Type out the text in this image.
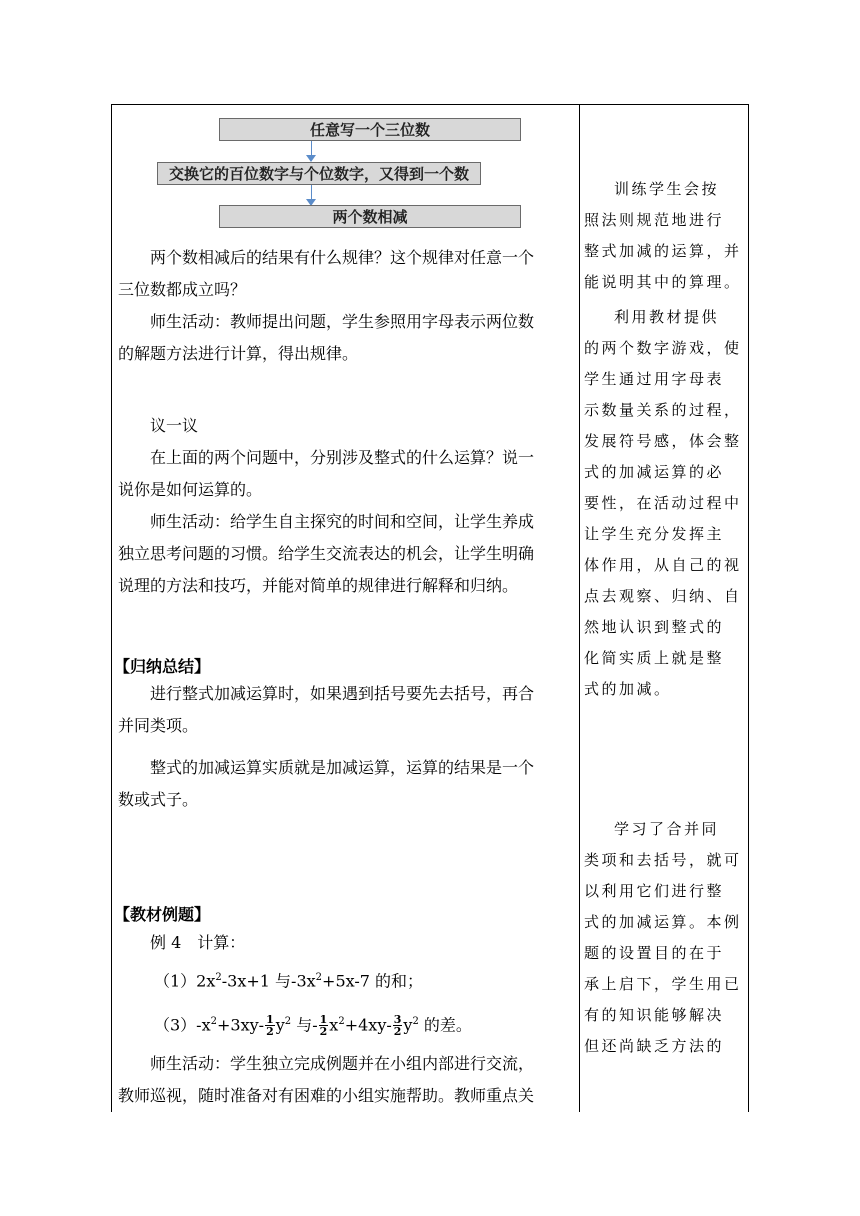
任意写一个三位数
交换它的百位数字与个位数字，又得到一个数
两个数相减
两个数相减后的结果有什么规律？这个规律对任意一个
三位数都成立吗？
师生活动：教师提出问题，学生参照用字母表示两位数
的解题方法进行计算，得出规律。
议一议
在上面的两个问题中，分别涉及整式的什么运算？说一
说你是如何运算的。
师生活动：给学生自主探究的时间和空间，让学生养成
独立思考问题的习惯。给学生交流表达的机会，让学生明确
说理的方法和技巧，并能对简单的规律进行解释和归纳。
【归纳总结】
进行整式加减运算时，如果遇到括号要先去括号，再合
并同类项。
整式的加减运算实质就是加减运算，运算的结果是一个
数或式子。
【教材例题】
例 4　计算：
$(1)2x^2-3x+1$ 与$-3x^2+5x-7$ 的和；
$(3)-x^2+3xy- \frac{1}{2} y^2$ 与- $\frac{1}{2} x^2+4xy- \frac{3}{2} y^2$ 的差。
师生活动：学生独立完成例题并在小组内部进行交流，
教师巡视，随时准备对有困难的小组实施帮助。教师重点关
训练学生会按
照法则规范地进行
整式加减的运算，并
能说明其中的算理。
利用教材提供
的两个数字游戏，使
学生通过用字母表
示数量关系的过程，
发展符号感，体会整
式的加减运算的必
要性，在活动过程中
让学生充分发挥主
体作用，从自己的视
点去观察、归纳、自
然地认识到整式的
化简实质上就是整
式的加减。
学习了合并同
类项和去括号，就可
以利用它们进行整
式的加减运算。本例
题的设置目的在于
承上启下，学生用已
有的知识能够解决
但还尚缺乏方法的
